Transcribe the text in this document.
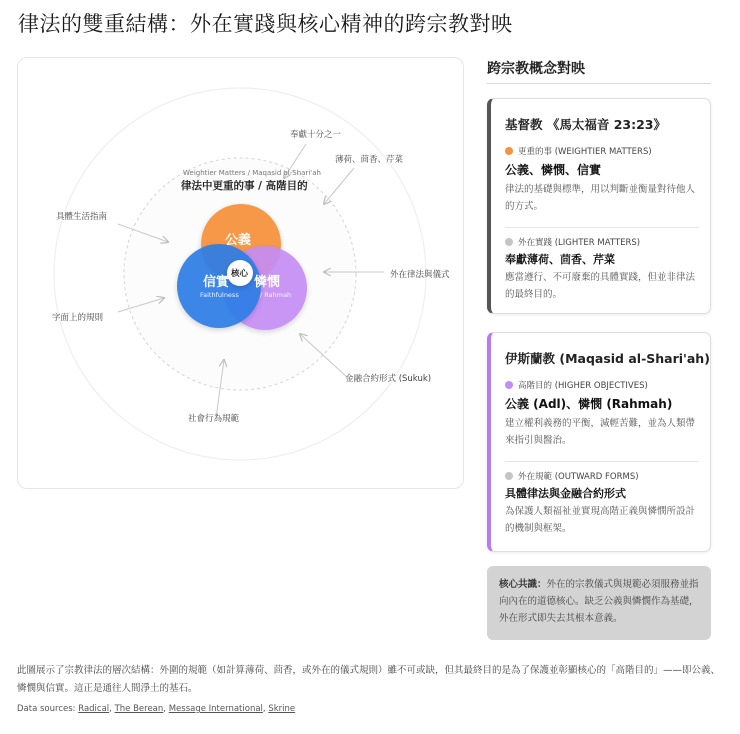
律法的雙重結構：外在實踐與核心精神的跨宗教對映
奉獻十分之一
薄荷、茴香、芹菜
具體生活指南
外在律法與儀式
字面上的規則
金融合約形式 (Sukuk)
社會行為規範
Weightier Matters / Maqasid al-Shari'ah
律法中更重的事 / 高階目的
公義
信實
Faithfulness
憐憫
/ Rahmah
核心
跨宗教概念對映
基督教 《馬太福音 23:23》
更重的事 (WEIGHTIER MATTERS)
公義、憐憫、信實
律法的基礎與標準，用以判斷並衡量對待他人的方式。
外在實踐 (LIGHTER MATTERS)
奉獻薄荷、茴香、芹菜
應當遵行、不可廢棄的具體實踐，但並非律法的最終目的。
伊斯蘭教 (Maqasid al-Shari'ah)
高階目的 (HIGHER OBJECTIVES)
公義 (Adl)、憐憫 (Rahmah)
建立權利義務的平衡，減輕苦難，並為人類帶來指引與醫治。
外在規範 (OUTWARD FORMS)
具體律法與金融合約形式
為保護人類福祉並實現高階正義與憐憫所設計的機制與框架。
核心共識：外在的宗教儀式與規範必須服務並指向內在的道德核心。缺乏公義與憐憫作為基礎，外在形式即失去其根本意義。
此圖展示了宗教律法的層次結構：外圍的規範（如計算薄荷、茴香，或外在的儀式規則）雖不可或缺，但其最終目的是為了保護並彰顯核心的「高階目的」——即公義、憐憫與信實。這正是通往人間淨土的基石。
Data sources: Radical, The Berean, Message International, Skrine
